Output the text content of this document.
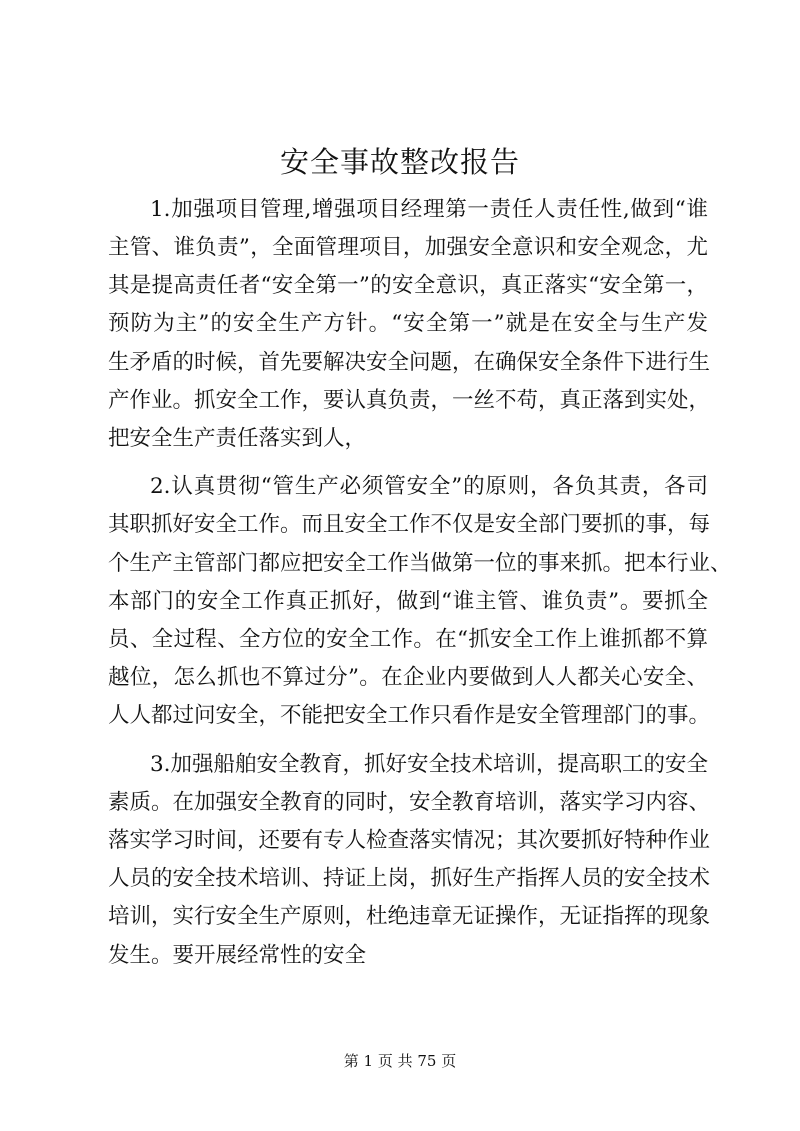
安全事故整改报告
1.加强项目管理,增强项目经理第一责任人责任性,做到“谁
主管、谁负责”，全面管理项目，加强安全意识和安全观念，尤
其是提高责任者“安全第一”的安全意识，真正落实“安全第一，
预防为主”的安全生产方针。“安全第一”就是在安全与生产发
生矛盾的时候，首先要解决安全问题，在确保安全条件下进行生
产作业。抓安全工作，要认真负责，一丝不苟，真正落到实处，
把安全生产责任落实到人，
2.认真贯彻“管生产必须管安全”的原则，各负其责，各司
其职抓好安全工作。而且安全工作不仅是安全部门要抓的事，每
个生产主管部门都应把安全工作当做第一位的事来抓。把本行业、
本部门的安全工作真正抓好，做到“谁主管、谁负责”。要抓全
员、全过程、全方位的安全工作。在“抓安全工作上谁抓都不算
越位，怎么抓也不算过分”。在企业内要做到人人都关心安全、
人人都过问安全，不能把安全工作只看作是安全管理部门的事。
3.加强船舶安全教育，抓好安全技术培训，提高职工的安全
素质。在加强安全教育的同时，安全教育培训，落实学习内容、
落实学习时间，还要有专人检查落实情况；其次要抓好特种作业
人员的安全技术培训、持证上岗，抓好生产指挥人员的安全技术
培训，实行安全生产原则，杜绝违章无证操作，无证指挥的现象
发生。要开展经常性的安全
第 1 页 共 75 页
